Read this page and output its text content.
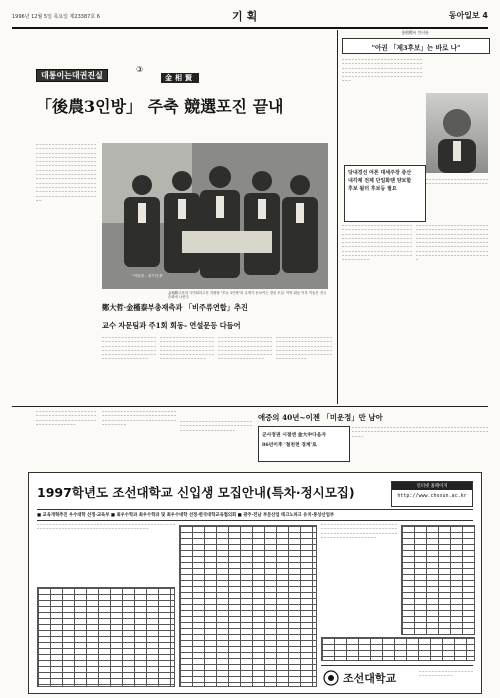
1996년 12월 5일 목요일 제23387호 6	기획	동아일보 4
대통이는대권진실
③
金相賢
「後農3인방」 주축 競選포진 끝내
─ ─ ─ ─ ─ ─ ─ ─ ─ ─ ─ ─ ─ ─ ─ ─ ─ ─ ─ ─ ─ ─ ─ ─ ─ ─ ─ ─ ─ ─ ─ ─ ─ ─ ─ ─ ─ ─ ─ ─ ─ ─ ─ ─ ─ ─ ─ ─ ─ ─ ─ ─ ─ ─ ─ ─ ─ ─ ─ ─ ─ ─ ─ ─ ─ ─ ─ ─ ─ ─ ─ ─ ─ ─ ─ ─ ─ ─ ─ ─ ─ ─ ─ ─ ─ ─ ─ ─ ─ ─ ─ ─ ─ ─ ─ ─ ─ ─ ─ ─ ─ ─ ─ ─ ─ ─ ─ ─ ─ ─ ─ ─ ─ ─ ─ ─ ─ ─ ─ ─ ─ ─ ─ ─ ─ ─ ─ ─ ─ ─ ─ ─ ─ ─ ─ ─ ─ ─ ─ ─ ─ ─ ─ ─ ─ ─ ─ ─ ─ ─ ─ ─ ─ ─ ─ ─ ─ ─ ─ ─ ─ ─ ─ ─ ─ ─ ─ ─ ─ ─ ─ ─ ─ ─ ─ ─ ─ ─ ─ ─ ─ ─ ─ ─ ─ ─ ─ ─ ─ ─ ─ ─ ─ ─ ─ ─ ─ ─ ─ ─ ─ ─ ─ ─ ─ ─ ─ ─ ─ ─ ─ ─ ─ ─ ─ ─ ─ ─ ─ ─ ─ ─ ─ ─ ─ ─ ─ ─ ─ ─ ─ ─ ─ ─ ─ ─ ─ ─ ─ ─ ─ ─ ─ ─ ─ ─ ─ ─ ─
"이달말 - 내가인대"
金相賢고문과 국민회의고문 지원팀 "후농 3인방"의 무게가 돋보이는 경선 모임. 이번 회동 이후 이들은 전국 순회에 나선다
鄭大哲·金槿泰부총재측과 「비주류연합」추진
교수 자문팀과 주1회 회동- 연설문등 다듬어
─ ─ ─ ─ ─ ─ ─ ─ ─ ─ ─ ─ ─ ─ ─ ─ ─ ─ ─ ─ ─ ─ ─ ─ ─ ─ ─ ─ ─ ─ ─ ─ ─ ─ ─ ─ ─ ─ ─ ─ ─ ─ ─ ─ ─ ─ ─ ─ ─ ─ ─ ─ ─ ─ ─ ─ ─ ─ ─ ─ ─ ─ ─ ─ ─ ─ ─ ─ ─ ─ ─ ─ ─ ─ ─ ─ ─ ─ ─ ─ ─ ─ ─ ─ ─ ─ ─ ─ ─ ─ ─ ─ ─ ─ ─ ─ ─ ─ ─ ─
─ ─ ─ ─ ─ ─ ─ ─ ─ ─ ─ ─ ─ ─ ─ ─ ─ ─ ─ ─ ─ ─ ─ ─ ─ ─ ─ ─ ─ ─ ─ ─ ─ ─ ─ ─ ─ ─ ─ ─ ─ ─ ─ ─ ─ ─ ─ ─ ─ ─ ─ ─ ─ ─ ─ ─ ─ ─ ─ ─ ─ ─ ─ ─ ─ ─ ─ ─ ─ ─ ─ ─ ─ ─ ─ ─ ─ ─ ─ ─ ─ ─ ─ ─ ─ ─ ─ ─ ─ ─ ─ ─ ─ ─ ─ ─ ─ ─ ─ ─
─ ─ ─ ─ ─ ─ ─ ─ ─ ─ ─ ─ ─ ─ ─ ─ ─ ─ ─ ─ ─ ─ ─ ─ ─ ─ ─ ─ ─ ─ ─ ─ ─ ─ ─ ─ ─ ─ ─ ─ ─ ─ ─ ─ ─ ─ ─ ─ ─ ─ ─ ─ ─ ─ ─ ─ ─ ─ ─ ─ ─ ─ ─ ─ ─ ─ ─ ─ ─ ─ ─ ─ ─ ─ ─ ─ ─ ─ ─ ─ ─ ─ ─ ─ ─ ─ ─ ─ ─ ─ ─ ─ ─ ─ ─ ─ ─ ─ ─ ─
─ ─ ─ ─ ─ ─ ─ ─ ─ ─ ─ ─ ─ ─ ─ ─ ─ ─ ─ ─ ─ ─ ─ ─ ─ ─ ─ ─ ─ ─ ─ ─ ─ ─ ─ ─ ─ ─ ─ ─ ─ ─ ─ ─ ─ ─ ─ ─ ─ ─ ─ ─ ─ ─ ─ ─ ─ ─ ─ ─ ─ ─ ─ ─ ─ ─ ─ ─ ─ ─ ─ ─ ─ ─ ─ ─ ─ ─ ─ ─ ─ ─ ─ ─ ─ ─ ─ ─ ─ ─ ─ ─ ─ ─ ─ ─ ─ ─ ─ ─
金相賢씨 인터뷰
"아권 「제3후보」는 바로 나"
─ ─ ─ ─ ─ ─ ─ ─ ─ ─ ─ ─ ─ ─ ─ ─ ─ ─ ─ ─ ─ ─ ─ ─ ─ ─ ─ ─ ─ ─ ─ ─ ─ ─ ─ ─ ─ ─ ─ ─ ─ ─ ─ ─ ─ ─ ─ ─ ─ ─ ─ ─ ─ ─ ─ ─ ─ ─ ─ ─ ─ ─ ─ ─ ─ ─ ─ ─ ─ ─ ─ ─ ─ ─ ─ ─ ─ ─ ─ ─ ─ ─ ─ ─ ─ ─ ─ ─ ─ ─ ─ ─ ─ ─ ─ ─ ─ ─ ─ ─ ─ ─ ─ ─ ─ ─ ─ ─ ─ ─ ─ ─ ─ ─ ─ ─ ─ ─ ─ ─ ─ ─ ─ ─ ─ ─ ─ ─
당내경선 여론 대세주장 증산
내각제 전제 단일화땐 양보할
후보 될터 후보등 필요
─ ─ ─ ─ ─ ─ ─ ─ ─ ─ ─ ─ ─ ─ ─ ─ ─ ─ ─ ─ ─ ─ ─ ─ ─ ─ ─ ─ ─ ─ ─ ─ ─ ─ ─ ─ ─ ─ ─ ─
─ ─ ─ ─ ─ ─ ─ ─ ─ ─ ─ ─ ─ ─ ─ ─ ─ ─ ─ ─ ─ ─ ─ ─ ─ ─ ─ ─ ─ ─ ─ ─ ─ ─ ─ ─ ─ ─ ─ ─ ─ ─ ─ ─ ─ ─ ─ ─ ─ ─ ─ ─ ─ ─ ─ ─ ─ ─ ─ ─ ─ ─ ─ ─ ─ ─ ─ ─ ─ ─ ─ ─ ─ ─ ─ ─ ─ ─ ─ ─ ─ ─ ─ ─ ─ ─ ─ ─ ─ ─ ─ ─ ─ ─ ─ ─ ─ ─ ─ ─ ─ ─ ─ ─ ─ ─ ─ ─ ─ ─ ─ ─ ─ ─ ─ ─ ─ ─ ─ ─ ─ ─ ─ ─ ─ ─ ─ ─ ─ ─ ─ ─ ─ ─ ─ ─ ─ ─ ─ ─ ─ ─ ─ ─ ─ ─ ─ ─ ─ ─ ─ ─ ─ ─ ─ ─ ─ ─ ─ ─ ─ ─ ─ ─ ─ ─ ─ ─ ─ ─ ─ ─ ─ ─ ─ ─ ─ ─ ─ ─ ─ ─ ─ ─ ─
─ ─ ─ ─ ─ ─ ─ ─ ─ ─ ─ ─ ─ ─ ─ ─ ─ ─ ─ ─ ─ ─ ─ ─ ─ ─ ─ ─ ─ ─ ─ ─ ─ ─ ─ ─ ─ ─ ─ ─ ─ ─ ─ ─ ─ ─ ─ ─ ─ ─ ─ ─ ─ ─ ─ ─ ─ ─ ─ ─ ─ ─ ─ ─ ─ ─ ─ ─ ─ ─ ─ ─ ─ ─ ─ ─ ─ ─ ─ ─ ─ ─ ─ ─ ─ ─ ─ ─ ─ ─ ─ ─ ─ ─ ─ ─ ─ ─ ─ ─ ─ ─ ─ ─ ─ ─ ─ ─ ─ ─ ─ ─ ─ ─ ─ ─ ─ ─ ─ ─ ─ ─ ─ ─ ─ ─ ─ ─ ─ ─ ─ ─ ─ ─ ─ ─ ─ ─ ─ ─ ─ ─ ─ ─ ─ ─ ─ ─ ─ ─ ─ ─ ─ ─ ─ ─ ─ ─ ─ ─ ─ ─ ─ ─ ─ ─ ─ ─ ─ ─ ─ ─ ─ ─ ─ ─ ─ ─ ─ ─ ─ ─ ─ ─ ─
─ ─ ─ ─ ─ ─ ─ ─ ─ ─ ─ ─ ─ ─ ─ ─ ─ ─ ─ ─ ─ ─ ─ ─ ─ ─ ─ ─ ─ ─ ─ ─ ─ ─ ─ ─ ─ ─ ─ ─ ─ ─ ─ ─ ─ ─ ─ ─ ─ ─ ─ ─ ─ ─ ─ ─ ─ ─ ─ ─ ─ ─ ─ ─ ─ ─ ─ ─ ─ ─
─ ─ ─ ─ ─ ─ ─ ─ ─ ─ ─ ─ ─ ─ ─ ─ ─ ─ ─ ─ ─ ─ ─ ─ ─ ─ ─ ─ ─ ─ ─ ─ ─ ─ ─ ─ ─ ─ ─ ─ ─ ─ ─ ─ ─ ─ ─ ─ ─ ─ ─ ─ ─ ─ ─ ─ ─ ─ ─ ─ ─ ─ ─ ─ ─ ─ ─ ─ ─ ─ ─ ─ ─ ─ ─ ─ ─ ─ ─ ─
─ ─ ─ ─ ─ ─ ─ ─ ─ ─ ─ ─ ─ ─ ─ ─ ─ ─ ─ ─ ─ ─ ─ ─ ─ ─ ─ ─ ─ ─ ─ ─ ─ ─ ─ ─ ─ ─ ─ ─ ─ ─ ─ ─ ─ ─ ─ ─ ─ ─ ─ ─ ─ ─ ─ ─ ─ ─ ─ ─ ─ ─ ─ ─
애증의 40년~이젠 「미운정」만 남아
군사정권 시절엔 金大中다음자
86년이후 '철천천 경계'로
─ ─ ─ ─ ─ ─ ─ ─ ─ ─ ─ ─ ─ ─ ─ ─ ─ ─ ─ ─ ─ ─ ─ ─ ─ ─ ─ ─ ─ ─ ─ ─ ─ ─ ─ ─ ─ ─ ─ ─ ─ ─ ─ ─ ─ ─ ─ ─ ─ ─ ─ ─ ─ ─ ─ ─ ─ ─ ─ ─ ─ ─ ─ ─ ─ ─ ─ ─ ─ ─ ─ ─ ─ ─ ─ ─ ─ ─ ─ ─ ─ ─ ─ ─ ─ ─ ─ ─ ─ ─
1997학년도 조선대학교 신입생 모집안내(특차·정시모집)	인터넷 홈페이지
http://www.chosun.ac.kr
■ 교육개혁추진 우수대학 선정·교육부 ■ 최우수학과 최우수학과 및 최우수대학 선정·한국대학교육협의회 ■ 광주·전남 부문산업 테크노파크 유치·통상산업부
─ ─ ─ ─ ─ ─ ─ ─ ─ ─ ─ ─ ─ ─ ─ ─ ─ ─ ─ ─ ─ ─ ─ ─ ─ ─ ─ ─ ─ ─ ─ ─ ─ ─ ─ ─ ─ ─ ─ ─ ─ ─ ─ ─ ─ ─ ─ ─ ─ ─ ─ ─ ─ ─ ─ ─ ─ ─ ─ ─ ─ ─ ─ ─ ─ ─ ─ ─ ─ ─ ─ ─ ─ ─ ─ ─ ─ ─ ─ ─
─ ─ ─ ─ ─ ─ ─ ─ ─ ─ ─ ─ ─ ─ ─ ─ ─ ─ ─ ─ ─ ─ ─ ─ ─ ─ ─ ─ ─ ─ ─ ─ ─ ─ ─ ─ ─ ─ ─ ─ ─ ─ ─ ─ ─ ─ ─ ─ ─ ─ ─ ─ ─ ─ ─ ─ ─ ─ ─ ─ ─ ─ ─ ─ ─ ─ ─ ─ ─ ─ ─ ─ ─ ─ ─ ─ ─ ─ ─ ─ ─ ─ ─ ─ ─ ─ ─ ─ ─ ─
조선대학교	─ ─ ─ ─ ─ ─ ─ ─ ─ ─ ─ ─ ─ ─ ─ ─ ─ ─ ─ ─ ─ ─ ─ ─ ─ ─ ─ ─
